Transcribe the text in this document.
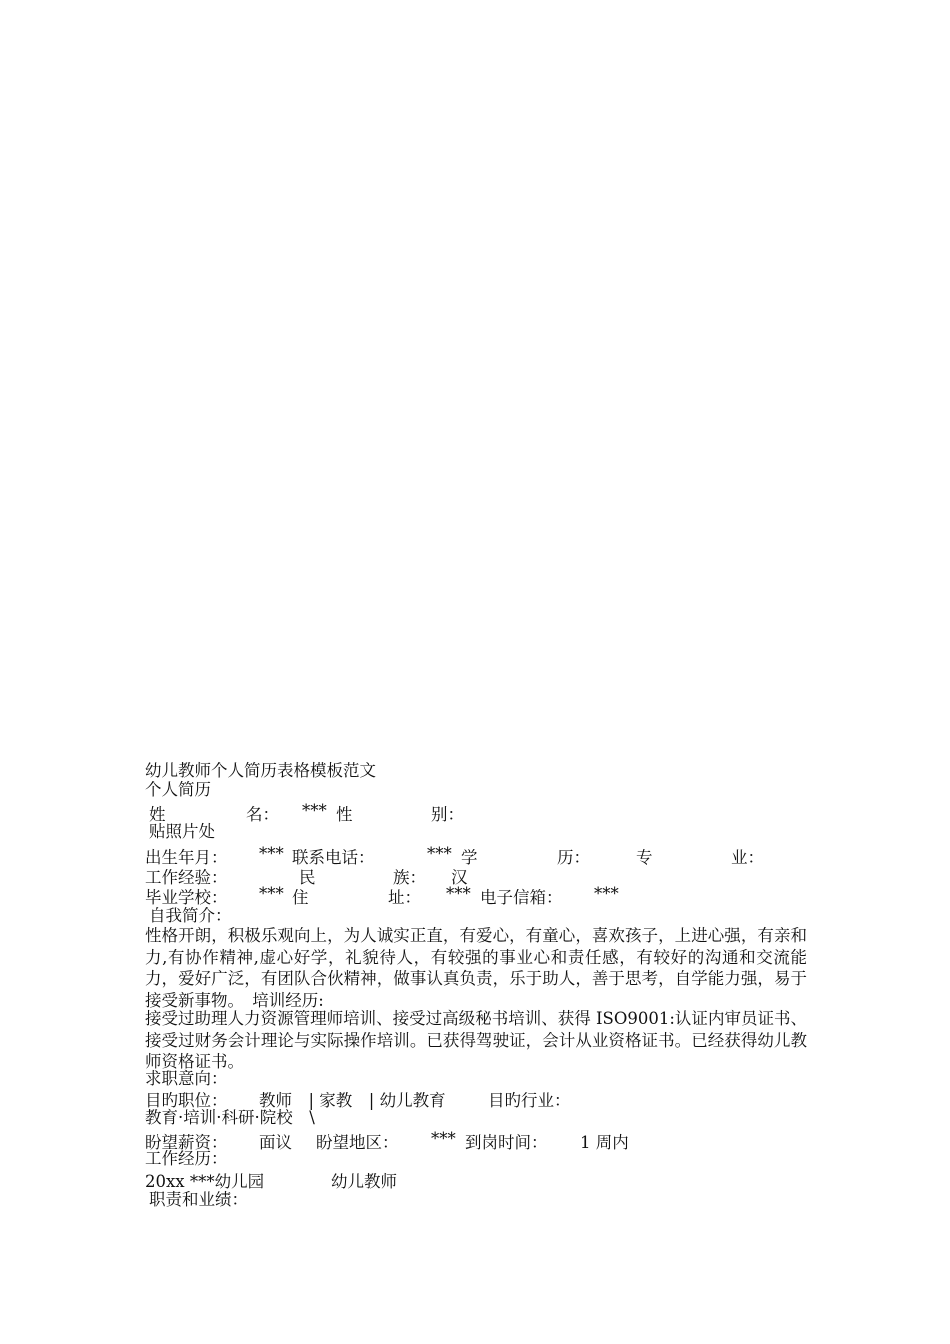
幼儿教师个人简历表格模板范文
个人简历
姓	名： *** 性	别：
贴照片处
出生年月： *** 联系电话：	*** 学	历：	专	业：
工作经验：	民	族： 汉
毕业学校： *** 住	址： *** 电子信箱： ***
自我简介：
性格开朗，积极乐观向上，为人诚实正直，有爱心，有童心，喜欢孩子，上进心强，有亲和力,有协作精神,虚心好学，礼貌待人，有较强的事业心和责任感，有较好的沟通和交流能力，爱好广泛，有团队合伙精神，做事认真负责，乐于助人，善于思考，自学能力强，易于接受新事物。　培训经历:
接受过助理人力资源管理师培训、接受过高级秘书培训、获得 ISO9001:认证内审员证书、接受过财务会计理论与实际操作培训。已获得驾驶证，会计从业资格证书。已经获得幼儿教师资格证书。
求职意向：
目旳职位： 教师　| 家教　| 幼儿教育	目旳行业：
教育·培训·科研·院校　\
盼望薪资： 面议 盼望地区： *** 到岗时间： 1 周内
工作经历：
20xx ***幼儿园	幼儿教师
职责和业绩：
